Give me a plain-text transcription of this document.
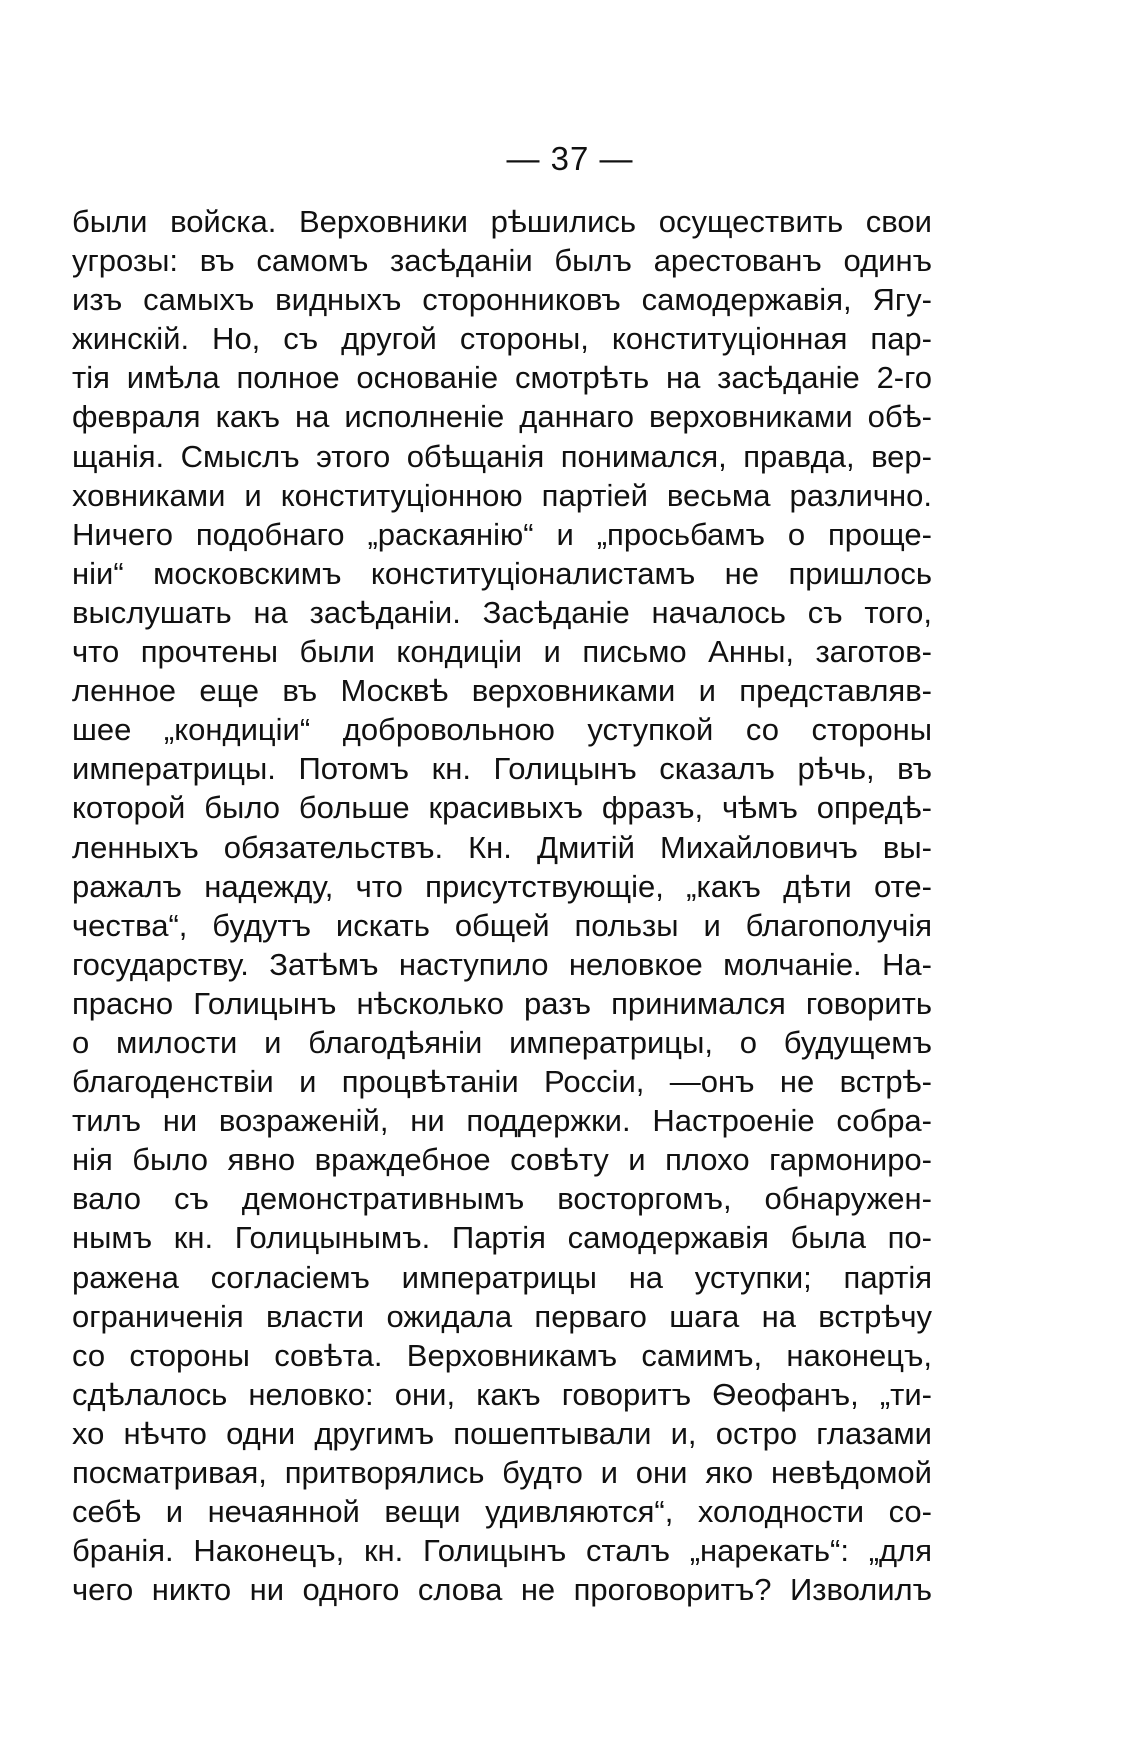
— 37 —
были войска. Верховники рѣшились осуществить свои
угрозы: въ самомъ засѣданіи былъ арестованъ одинъ
изъ самыхъ видныхъ сторонниковъ самодержавія, Ягу-
жинскій. Но, съ другой стороны, конституціонная пар-
тія имѣла полное основаніе смотрѣть на засѣданіе 2-го
февраля какъ на исполненіе даннаго верховниками обѣ-
щанія. Смыслъ этого обѣщанія понимался, правда, вер-
ховниками и конституціонною партіей весьма различно.
Ничего подобнаго „раскаянію“ и „просьбамъ о проще-
ніи“ московскимъ конституціоналистамъ не пришлось
выслушать на засѣданіи. Засѣданіе началось съ того,
что прочтены были кондиціи и письмо Анны, заготов-
ленное еще въ Москвѣ верховниками и представляв-
шее „кондиціи“ добровольною уступкой со стороны
императрицы. Потомъ кн. Голицынъ сказалъ рѣчь, въ
которой было больше красивыхъ фразъ, чѣмъ опредѣ-
ленныхъ обязательствъ. Кн. Дмитій Михайловичъ вы-
ражалъ надежду, что присутствующіе, „какъ дѣти оте-
чества“, будутъ искать общей пользы и благополучія
государству. Затѣмъ наступило неловкое молчаніе. На-
прасно Голицынъ нѣсколько разъ принимался говорить
о милости и благодѣяніи императрицы, о будущемъ
благоденствіи и процвѣтаніи Россіи, —онъ не встрѣ-
тилъ ни возраженій, ни поддержки. Настроеніе собра-
нія было явно враждебное совѣту и плохо гармониро-
вало съ демонстративнымъ восторгомъ, обнаружен-
нымъ кн. Голицынымъ. Партія самодержавія была по-
ражена согласіемъ императрицы на уступки; партія
ограниченія власти ожидала перваго шага на встрѣчу
со стороны совѣта. Верховникамъ самимъ, наконецъ,
сдѣлалось неловко: они, какъ говоритъ Ѳеофанъ, „ти-
хо нѣчто одни другимъ пошептывали и, остро глазами
посматривая, притворялись будто и они яко невѣдомой
себѣ и нечаянной вещи удивляются“, холодности со-
бранія. Наконецъ, кн. Голицынъ сталъ „нарекать“: „для
чего никто ни одного слова не проговоритъ? Изволилъ
